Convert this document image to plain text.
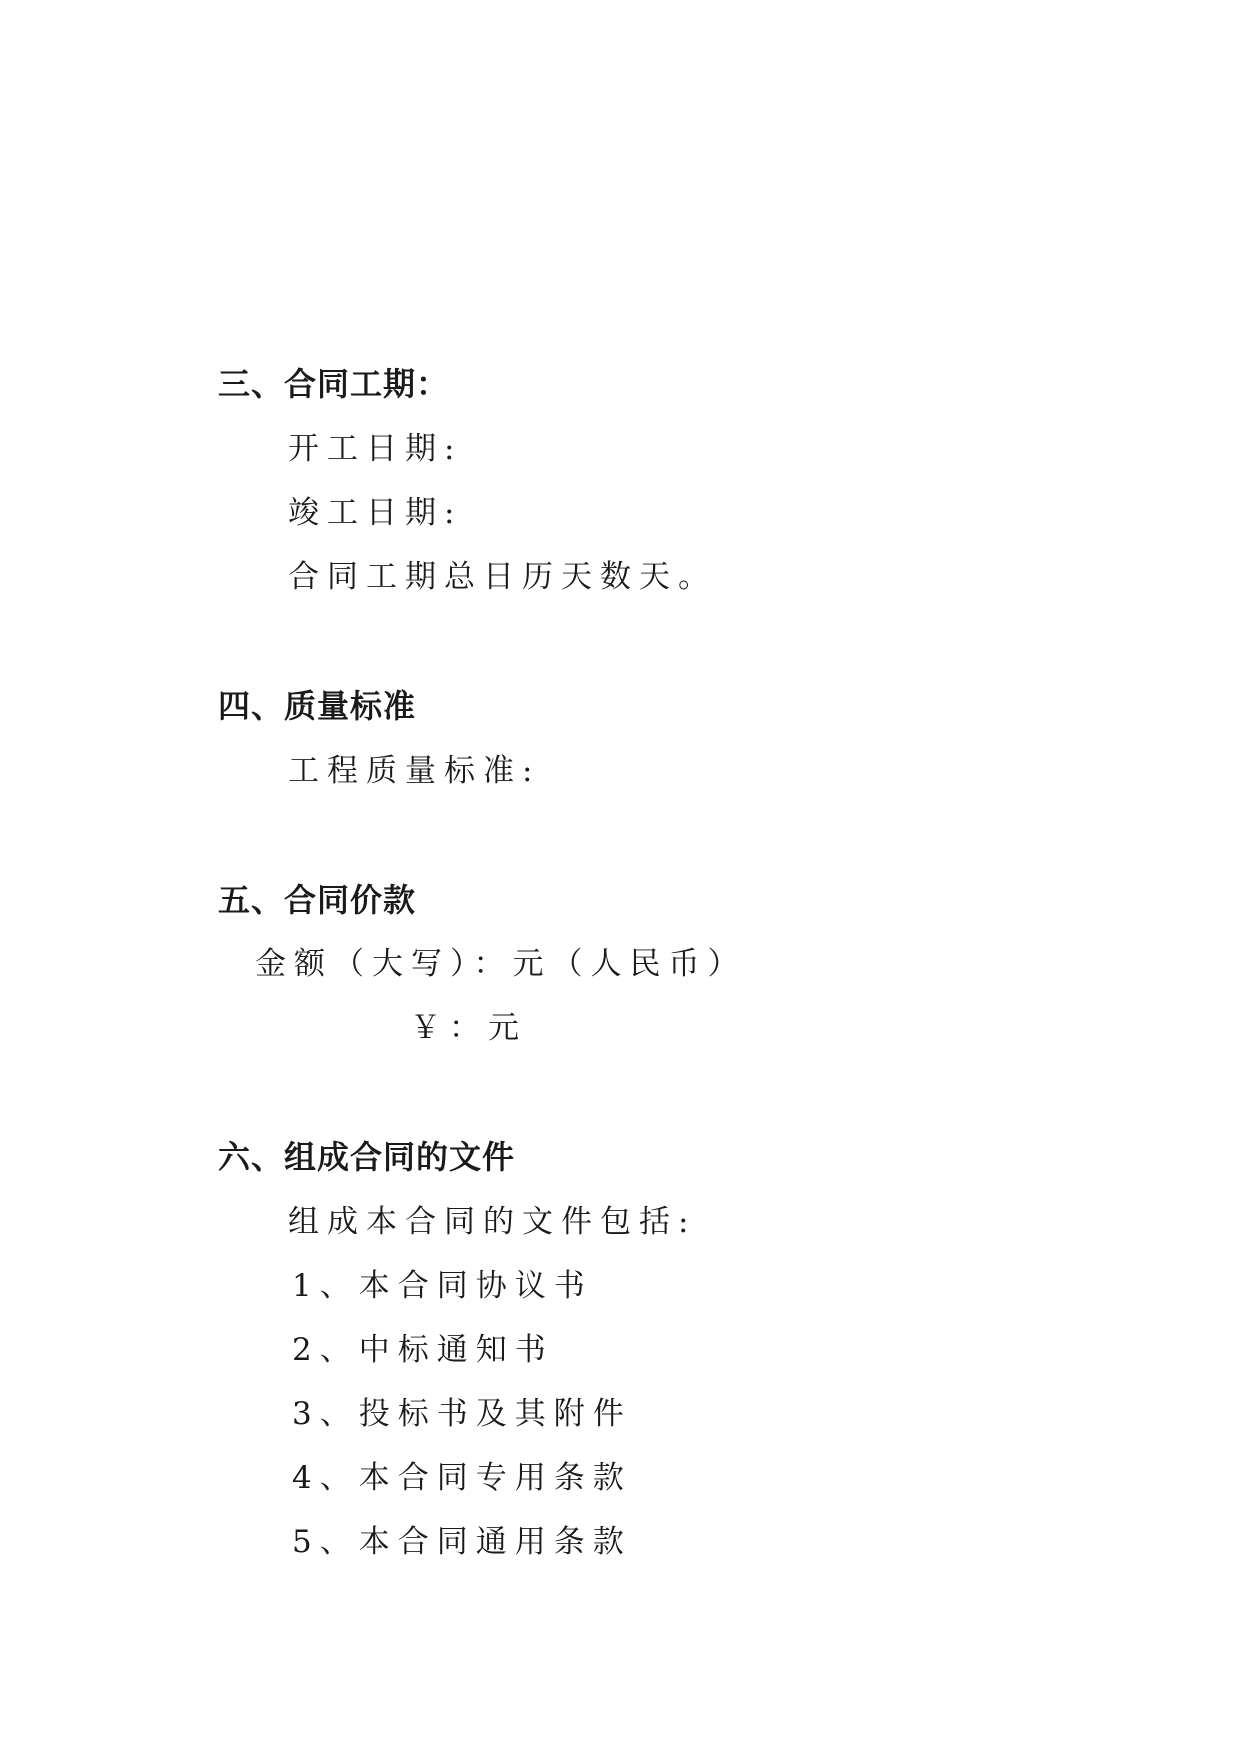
三、合同工期：
开工日期:
竣工日期:
合同工期总日历天数天。
四、质量标准
工程质量标准:
五、合同价款
金额（大写）：元（人民币）
￥：元
六、组成合同的文件
组成本合同的文件包括:
1、本合同协议书
2、中标通知书
3、投标书及其附件
4、本合同专用条款
5、本合同通用条款
